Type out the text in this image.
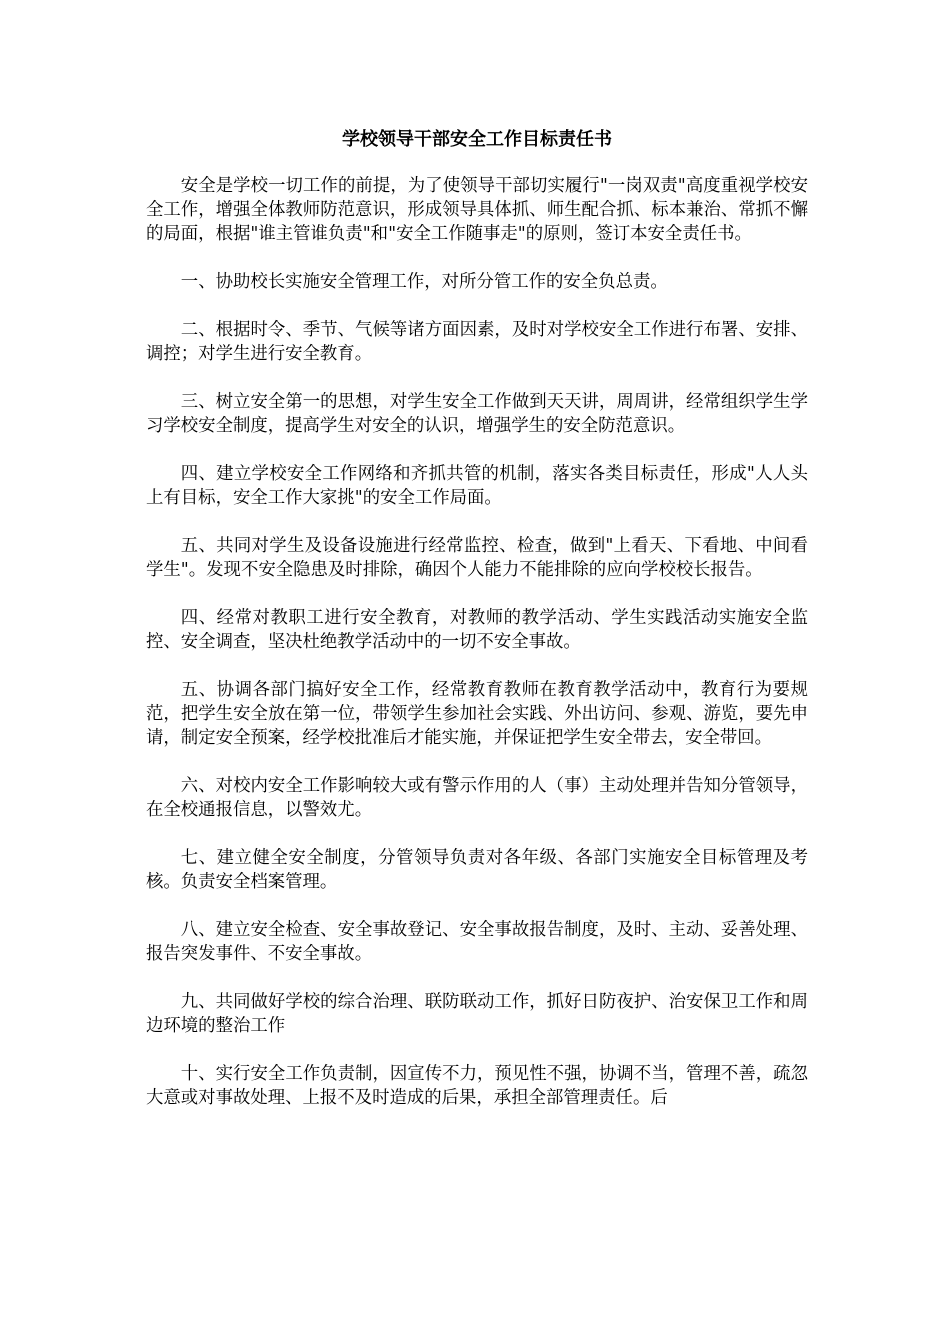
学校领导干部安全工作目标责任书

安全是学校一切工作的前提，为了使领导干部切实履行"一岗双责"高度重视学校安全工作，增强全体教师防范意识，形成领导具体抓、师生配合抓、标本兼治、常抓不懈的局面，根据"谁主管谁负责"和"安全工作随事走"的原则，签订本安全责任书。

一、协助校长实施安全管理工作，对所分管工作的安全负总责。

二、根据时令、季节、气候等诸方面因素，及时对学校安全工作进行布署、安排、调控；对学生进行安全教育。

三、树立安全第一的思想，对学生安全工作做到天天讲，周周讲，经常组织学生学习学校安全制度，提高学生对安全的认识，增强学生的安全防范意识。

四、建立学校安全工作网络和齐抓共管的机制，落实各类目标责任，形成"人人头上有目标，安全工作大家挑"的安全工作局面。

五、共同对学生及设备设施进行经常监控、检查，做到"上看天、下看地、中间看学生"。发现不安全隐患及时排除，确因个人能力不能排除的应向学校校长报告。

四、经常对教职工进行安全教育，对教师的教学活动、学生实践活动实施安全监控、安全调查，坚决杜绝教学活动中的一切不安全事故。

五、协调各部门搞好安全工作，经常教育教师在教育教学活动中，教育行为要规范，把学生安全放在第一位，带领学生参加社会实践、外出访问、参观、游览，要先申请，制定安全预案，经学校批准后才能实施，并保证把学生安全带去，安全带回。

六、对校内安全工作影响较大或有警示作用的人（事）主动处理并告知分管领导，在全校通报信息，以警效尤。

七、建立健全安全制度，分管领导负责对各年级、各部门实施安全目标管理及考核。负责安全档案管理。

八、建立安全检查、安全事故登记、安全事故报告制度，及时、主动、妥善处理、报告突发事件、不安全事故。

九、共同做好学校的综合治理、联防联动工作，抓好日防夜护、治安保卫工作和周边环境的整治工作

十、实行安全工作负责制，因宣传不力，预见性不强，协调不当，管理不善，疏忽大意或对事故处理、上报不及时造成的后果，承担全部管理责任。后
